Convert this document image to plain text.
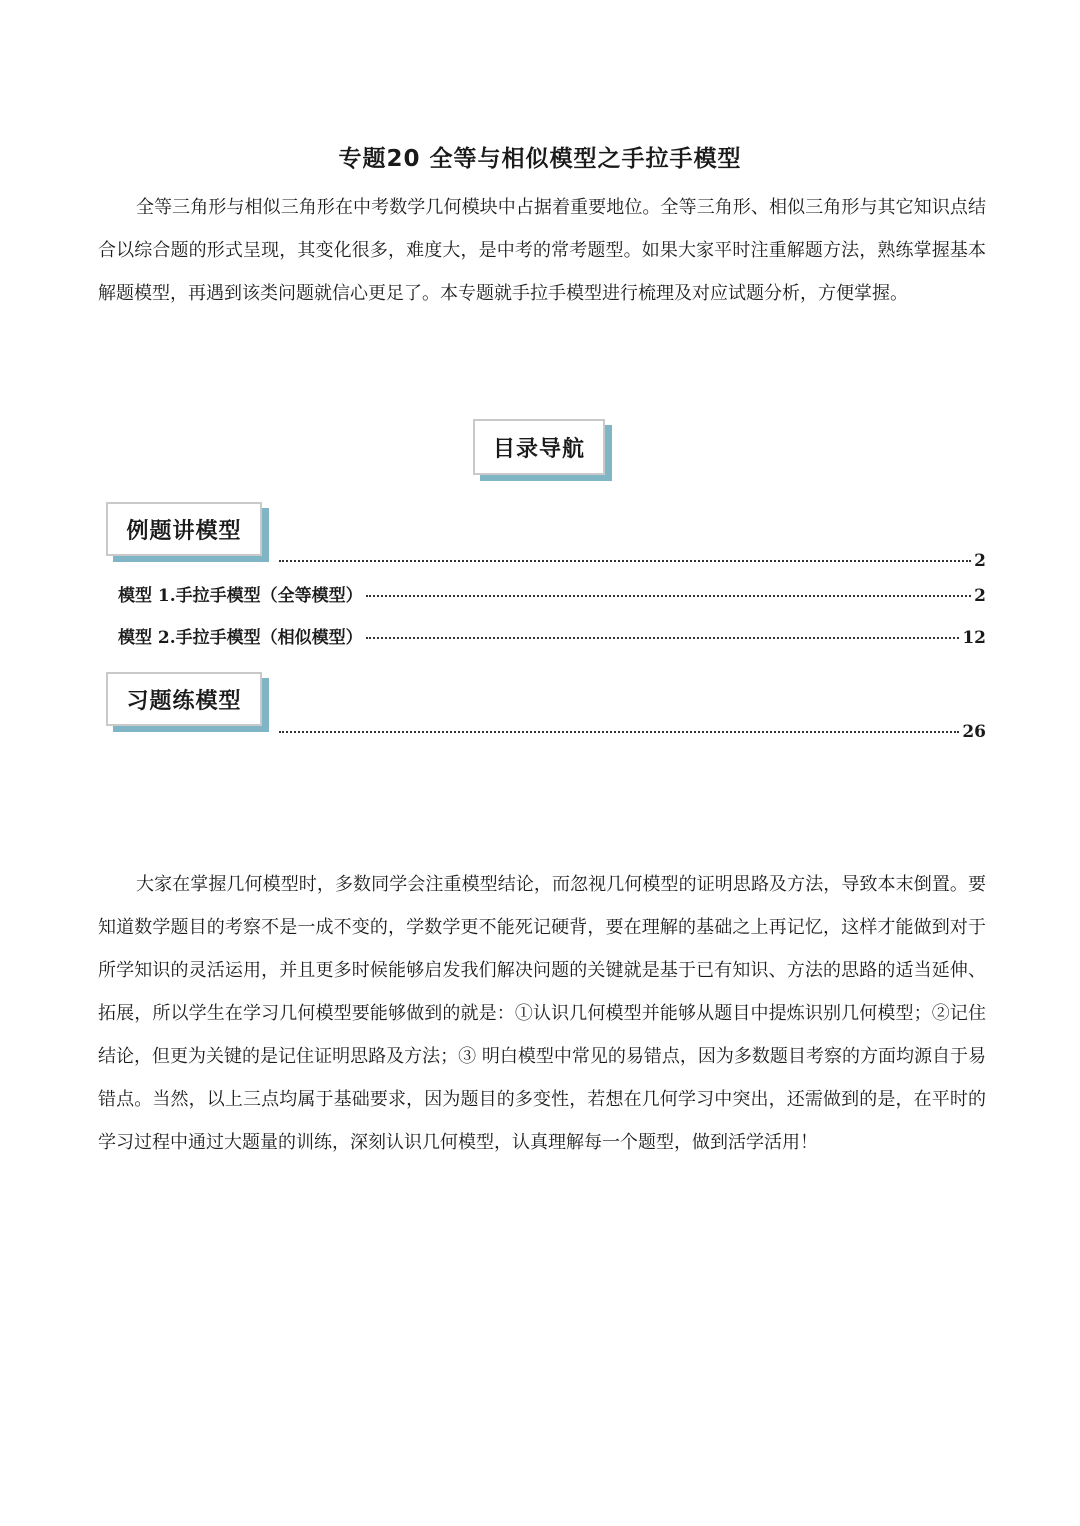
专题20 全等与相似模型之手拉手模型

全等三角形与相似三角形在中考数学几何模块中占据着重要地位。全等三角形、相似三角形与其它知识点结合以综合题的形式呈现，其变化很多，难度大，是中考的常考题型。如果大家平时注重解题方法，熟练掌握基本解题模型，再遇到该类问题就信心更足了。本专题就手拉手模型进行梳理及对应试题分析，方便掌握。

目录导航
例题讲模型
2
模型 1.手拉手模型（全等模型）	2
模型 2.手拉手模型（相似模型）	12
习题练模型
26

大家在掌握几何模型时，多数同学会注重模型结论，而忽视几何模型的证明思路及方法，导致本末倒置。要知道数学题目的考察不是一成不变的，学数学更不能死记硬背，要在理解的基础之上再记忆，这样才能做到对于所学知识的灵活运用，并且更多时候能够启发我们解决问题的关键就是基于已有知识、方法的思路的适当延伸、拓展，所以学生在学习几何模型要能够做到的就是：①认识几何模型并能够从题目中提炼识别几何模型；②记住结论，但更为关键的是记住证明思路及方法；③ 明白模型中常见的易错点，因为多数题目考察的方面均源自于易错点。当然，以上三点均属于基础要求，因为题目的多变性，若想在几何学习中突出，还需做到的是，在平时的学习过程中通过大题量的训练，深刻认识几何模型，认真理解每一个题型，做到活学活用！
